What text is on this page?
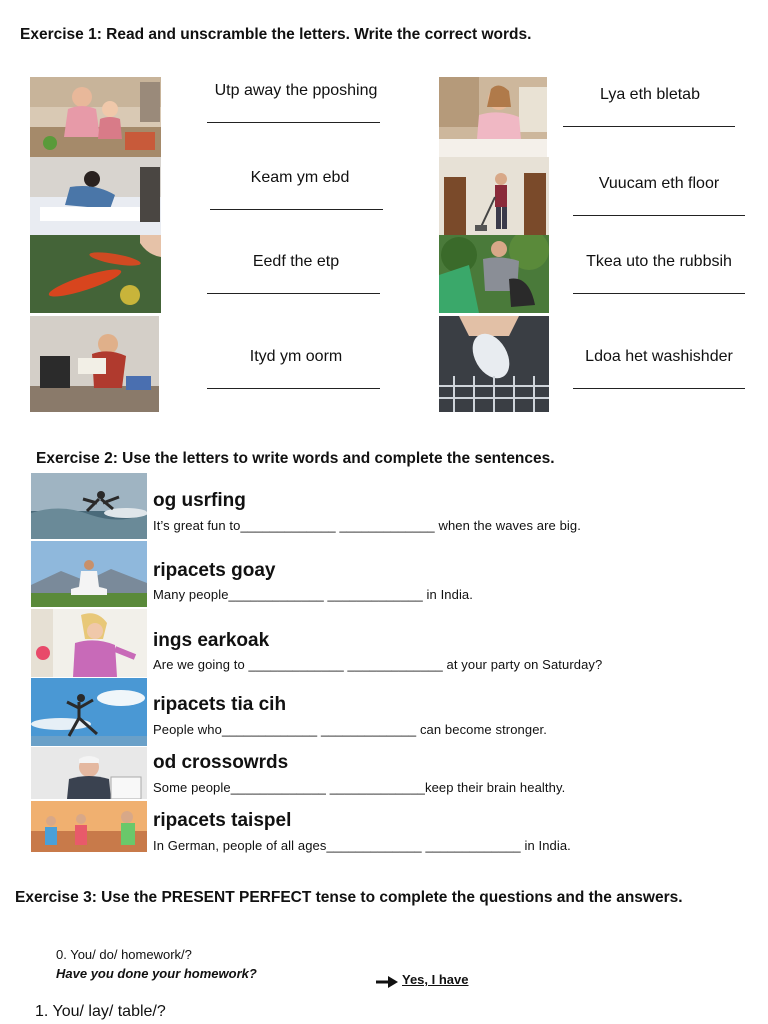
Exercise 1: Read and unscramble the letters. Write the correct words.
Utp away the pposhing
Keam ym ebd
Eedf the etp
Ityd ym oorm
Lya eth bletab
Vuucam eth floor
Tkea uto the rubbsih
Ldoa het washishder
Exercise 2: Use the letters to write words and complete the sentences.
og usrfing
It’s great fun to_____________ _____________ when the waves are big.
ripacets goay
Many people_____________ _____________ in India.
ings earkoak
Are we going to _____________ _____________ at your party on Saturday?
ripacets tia cih
People who_____________ _____________ can become stronger.
od crossowrds
Some people_____________ _____________keep their brain healthy.
ripacets taispel
In German, people of all ages_____________ _____________ in India.
Exercise 3: Use the PRESENT PERFECT tense to complete the questions and the answers.
0. You/ do/ homework/?
Have you done your homework?	Yes, I have
1. You/ lay/ table/?
